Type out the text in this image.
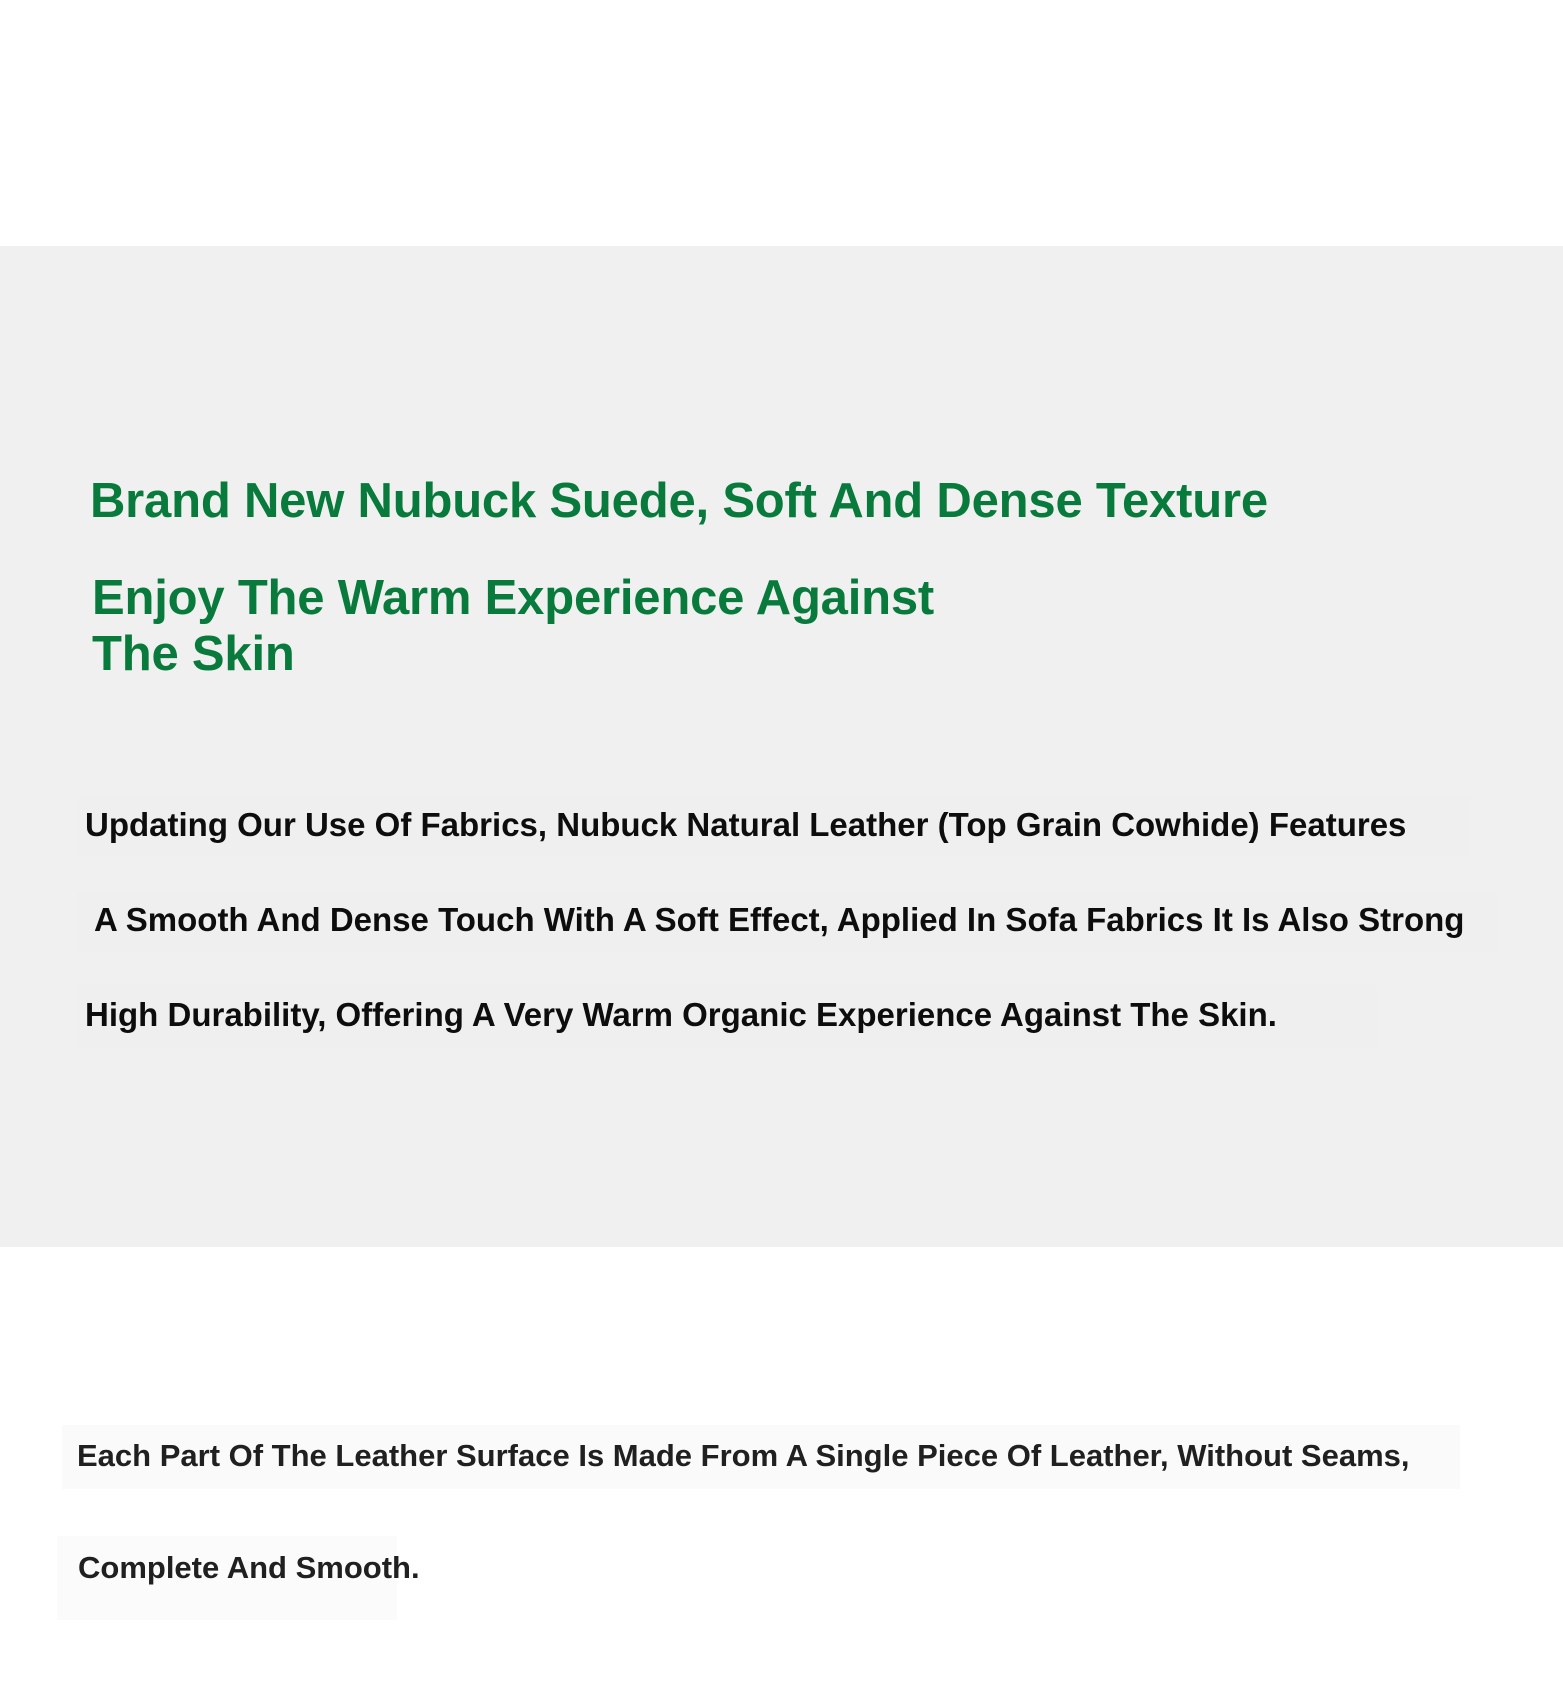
Brand New Nubuck Suede, Soft And Dense Texture
Enjoy The Warm Experience Against
The Skin

Updating Our Use Of Fabrics, Nubuck Natural Leather (Top Grain Cowhide) Features

A Smooth And Dense Touch With A Soft Effect, Applied In Sofa Fabrics It Is Also Strong

High Durability, Offering A Very Warm Organic Experience Against The Skin.

Each Part Of The Leather Surface Is Made From A Single Piece Of Leather, Without Seams,

Complete And Smooth.
